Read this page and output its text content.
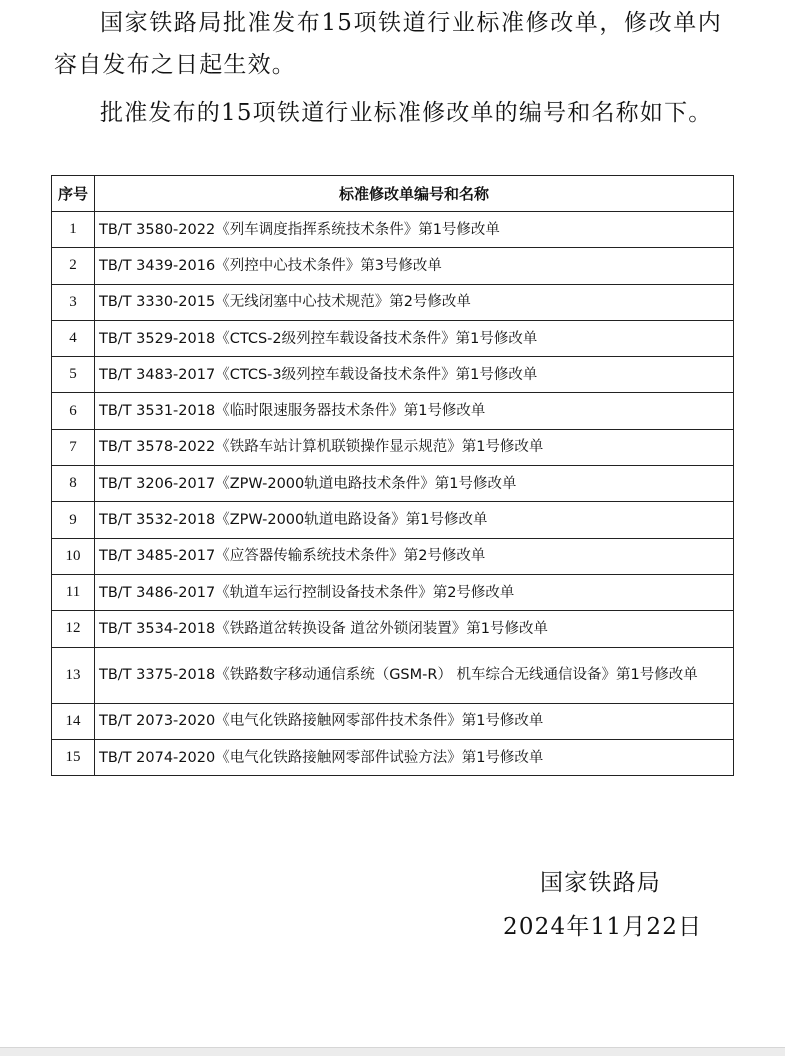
国家铁路局批准发布15项铁道行业标准修改单，修改单内容自发布之日起生效。

批准发布的15项铁道行业标准修改单的编号和名称如下。

序号	标准修改单编号和名称
1	TB/T 3580-2022《列车调度指挥系统技术条件》第1号修改单
2	TB/T 3439-2016《列控中心技术条件》第3号修改单
3	TB/T 3330-2015《无线闭塞中心技术规范》第2号修改单
4	TB/T 3529-2018《CTCS-2级列控车载设备技术条件》第1号修改单
5	TB/T 3483-2017《CTCS-3级列控车载设备技术条件》第1号修改单
6	TB/T 3531-2018《临时限速服务器技术条件》第1号修改单
7	TB/T 3578-2022《铁路车站计算机联锁操作显示规范》第1号修改单
8	TB/T 3206-2017《ZPW-2000轨道电路技术条件》第1号修改单
9	TB/T 3532-2018《ZPW-2000轨道电路设备》第1号修改单
10	TB/T 3485-2017《应答器传输系统技术条件》第2号修改单
11	TB/T 3486-2017《轨道车运行控制设备技术条件》第2号修改单
12	TB/T 3534-2018《铁路道岔转换设备 道岔外锁闭装置》第1号修改单
13	TB/T 3375-2018《铁路数字移动通信系统（GSM-R） 机车综合无线通信设备》第1号修改单
14	TB/T 2073-2020《电气化铁路接触网零部件技术条件》第1号修改单
15	TB/T 2074-2020《电气化铁路接触网零部件试验方法》第1号修改单

国家铁路局

2024年11月22日
